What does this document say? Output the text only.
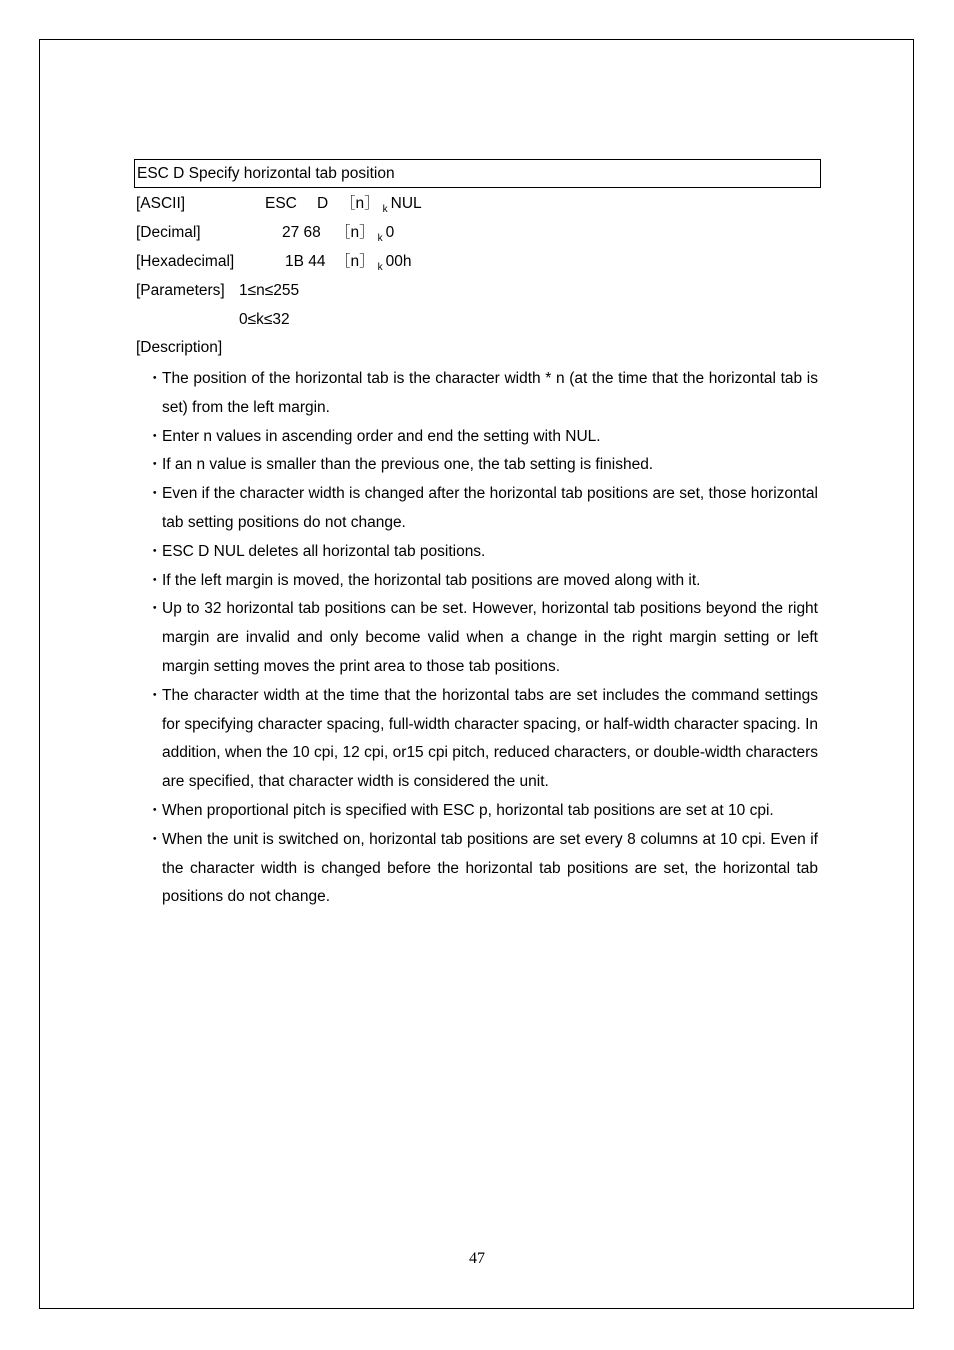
ESC D Specify horizontal tab position
[ASCII]	ESC D ［n］ $_k$ NUL
[Decimal]	27 68 ［n］ $_k$ 0
[Hexadecimal]	1B 44 ［n］ $_k$ 00h
[Parameters] 1≤n≤255
0≤k≤32
[Description]
・ The position of the horizontal tab is the character width * n (at the time that the horizontal tab is set) from the left margin.
・ Enter n values in ascending order and end the setting with NUL.
・ If an n value is smaller than the previous one, the tab setting is finished.
・ Even if the character width is changed after the horizontal tab positions are set, those horizontal tab setting positions do not change.
・ ESC D NUL deletes all horizontal tab positions.
・ If the left margin is moved, the horizontal tab positions are moved along with it.
・ Up to 32 horizontal tab positions can be set. However, horizontal tab positions beyond the right margin are invalid and only become valid when a change in the right margin setting or left margin setting moves the print area to those tab positions.
・ The character width at the time that the horizontal tabs are set includes the command settings for specifying character spacing, full-width character spacing, or half-width character spacing. In addition, when the 10 cpi, 12 cpi, or15 cpi pitch, reduced characters, or double-width characters are specified, that character width is considered the unit.
・ When proportional pitch is specified with ESC p, horizontal tab positions are set at 10 cpi.
・ When the unit is switched on, horizontal tab positions are set every 8 columns at 10 cpi. Even if the character width is changed before the horizontal tab positions are set, the horizontal tab positions do not change.
47
